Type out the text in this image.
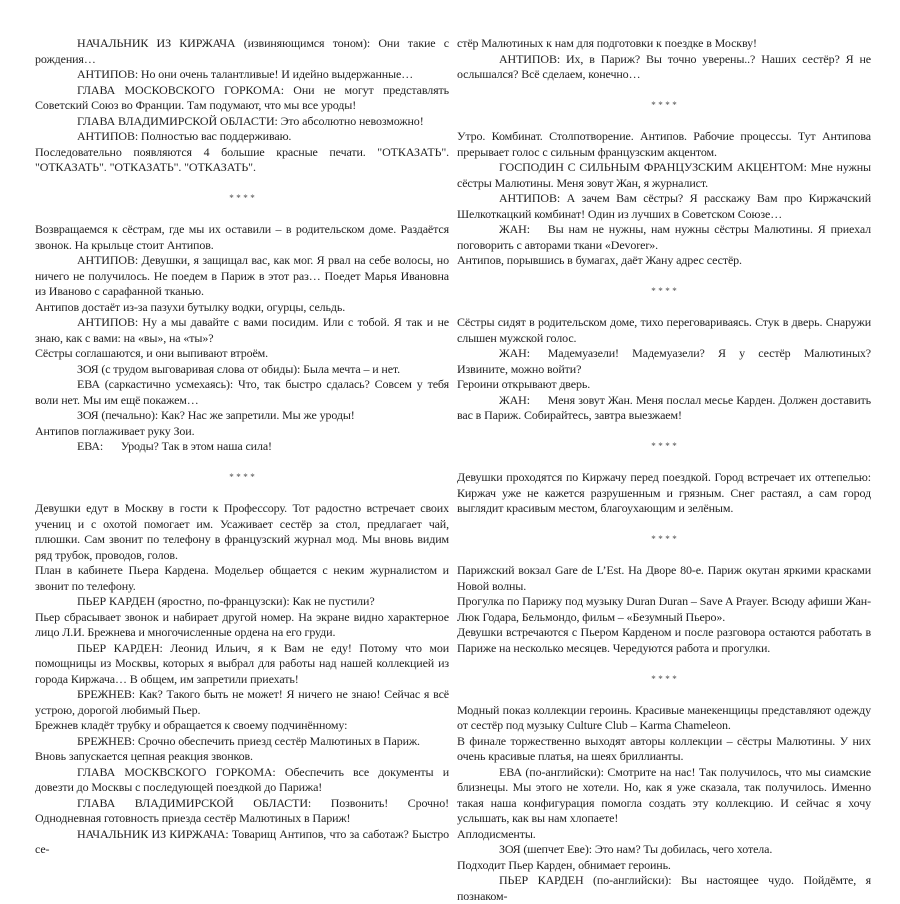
НАЧАЛЬНИК ИЗ КИРЖАЧА (извиняющимся тоном): Они такие с рождения…
АНТИПОВ: Но они очень талантливые! И идейно выдержанные…
ГЛАВА МОСКОВСКОГО ГОРКОМА: Они не могут представлять Советский Союз во Франции. Там подумают, что мы все уроды!
ГЛАВА ВЛАДИМИРСКОЙ ОБЛАСТИ: Это абсолютно невозможно!
АНТИПОВ: Полностью вас поддерживаю.
Последовательно появляются 4 большие красные печати. "ОТКАЗАТЬ". "ОТКАЗАТЬ". "ОТКАЗАТЬ". "ОТКАЗАТЬ".
****
Возвращаемся к сёстрам, где мы их оставили – в родительском доме. Раздаётся звонок. На крыльце стоит Антипов.
АНТИПОВ: Девушки, я защищал вас, как мог. Я рвал на себе волосы, но ничего не получилось. Не поедем в Париж в этот раз… Поедет Марья Ивановна из Иваново с сарафанной тканью.
Антипов достаёт из-за пазухи бутылку водки, огурцы, сельдь.
АНТИПОВ: Ну а мы давайте с вами посидим. Или с тобой. Я так и не знаю, как с вами: на «вы», на «ты»?
Сёстры соглашаются, и они выпивают втроём.
ЗОЯ (с трудом выговаривая слова от обиды): Была мечта – и нет.
ЕВА (саркастично усмехаясь): Что, так быстро сдалась? Совсем у тебя воли нет. Мы им ещё покажем…
ЗОЯ (печально): Как? Нас же запретили. Мы же уроды!
Антипов поглаживает руку Зои.
ЕВА:  Уроды? Так в этом наша сила!
****
Девушки едут в Москву в гости к Профессору. Тот радостно встречает своих учениц и с охотой помогает им. Усаживает сестёр за стол, предлагает чай, плюшки. Сам звонит по телефону в французский журнал мод. Мы вновь видим ряд трубок, проводов, голов.
План в кабинете Пьера Кардена. Модельер общается с неким журналистом и звонит по телефону.
ПЬЕР КАРДЕН (яростно, по-французски): Как не пустили?
Пьер сбрасывает звонок и набирает другой номер. На экране видно характерное лицо Л.И. Брежнева и многочисленные ордена на его груди.
ПЬЕР КАРДЕН: Леонид Ильич, я к Вам не еду! Потому что мои помощницы из Москвы, которых я выбрал для работы над нашей коллекцией из города Киржача… В общем, им запретили приехать!
БРЕЖНЕВ: Как? Такого быть не может! Я ничего не знаю! Сейчас я всё устрою, дорогой любимый Пьер.
Брежнев кладёт трубку и обращается к своему подчинённому:
БРЕЖНЕВ: Срочно обеспечить приезд сестёр Малютиных в Париж.
Вновь запускается цепная реакция звонков.
ГЛАВА МОСКВСКОГО ГОРКОМА: Обеспечить все документы и довезти до Москвы с последующей поездкой до Парижа!
ГЛАВА ВЛАДИМИРСКОЙ ОБЛАСТИ: Позвонить! Срочно! Однодневная готовность приезда сестёр Малютиных в Париж!
НАЧАЛЬНИК ИЗ КИРЖАЧА: Товарищ Антипов, что за саботаж? Быстро се-
стёр Малютиных к нам для подготовки к поездке в Москву!
АНТИПОВ: Их, в Париж? Вы точно уверены..? Наших сестёр? Я не ослышался? Всё сделаем, конечно…
****
Утро. Комбинат. Столпотворение. Антипов. Рабочие процессы. Тут Антипова прерывает голос с сильным французским акцентом.
ГОСПОДИН С СИЛЬНЫМ ФРАНЦУЗСКИМ АКЦЕНТОМ: Мне нужны сёстры Малютины. Меня зовут Жан, я журналист.
АНТИПОВ: А зачем Вам сёстры? Я расскажу Вам про Киржачский Шелкоткацкий комбинат! Один из лучших в Советском Союзе…
ЖАН:  Вы нам не нужны, нам нужны сёстры Малютины. Я приехал поговорить с авторами ткани «Devorer».
Антипов, порывшись в бумагах, даёт Жану адрес сестёр.
****
Сёстры сидят в родительском доме, тихо переговариваясь. Стук в дверь. Снаружи слышен мужской голос.
ЖАН:  Мадемуазели! Мадемуазели? Я у сестёр Малютиных? Извините, можно войти?
Героини открывают дверь.
ЖАН:  Меня зовут Жан. Меня послал месье Карден. Должен доставить вас в Париж. Собирайтесь, завтра выезжаем!
****
Девушки проходятся по Киржачу перед поездкой. Город встречает их оттепелью: Киржач уже не кажется разрушенным и грязным. Снег растаял, а сам город выглядит красивым местом, благоухающим и зелёным.
****
Парижский вокзал Gare de L’Est. На Дворе 80-е. Париж окутан яркими красками Новой волны.
Прогулка по Парижу под музыку Duran Duran – Save A Prayer. Всюду афиши Жан-Люк Годара, Бельмондо, фильм – «Безумный Пьеро».
Девушки встречаются с Пьером Карденом и после разговора остаются работать в Париже на несколько месяцев. Чередуются работа и прогулки.
****
Модный показ коллекции героинь. Красивые манекенщицы представляют одежду от сестёр под музыку Culture Club – Karma Chameleon.
В финале торжественно выходят авторы коллекции – сёстры Малютины. У них очень красивые платья, на шеях бриллианты.
ЕВА (по-английски): Смотрите на нас! Так получилось, что мы сиамские близнецы. Мы этого не хотели. Но, как я уже сказала, так получилось. Именно такая наша конфигурация помогла создать эту коллекцию. И сейчас я хочу услышать, как вы нам хлопаете!
Аплодисменты.
ЗОЯ (шепчет Еве): Это нам? Ты добилась, чего хотела.
Подходит Пьер Карден, обнимает героинь.
ПЬЕР КАРДЕН (по-английски): Вы настоящее чудо. Пойдёмте, я познаком-
